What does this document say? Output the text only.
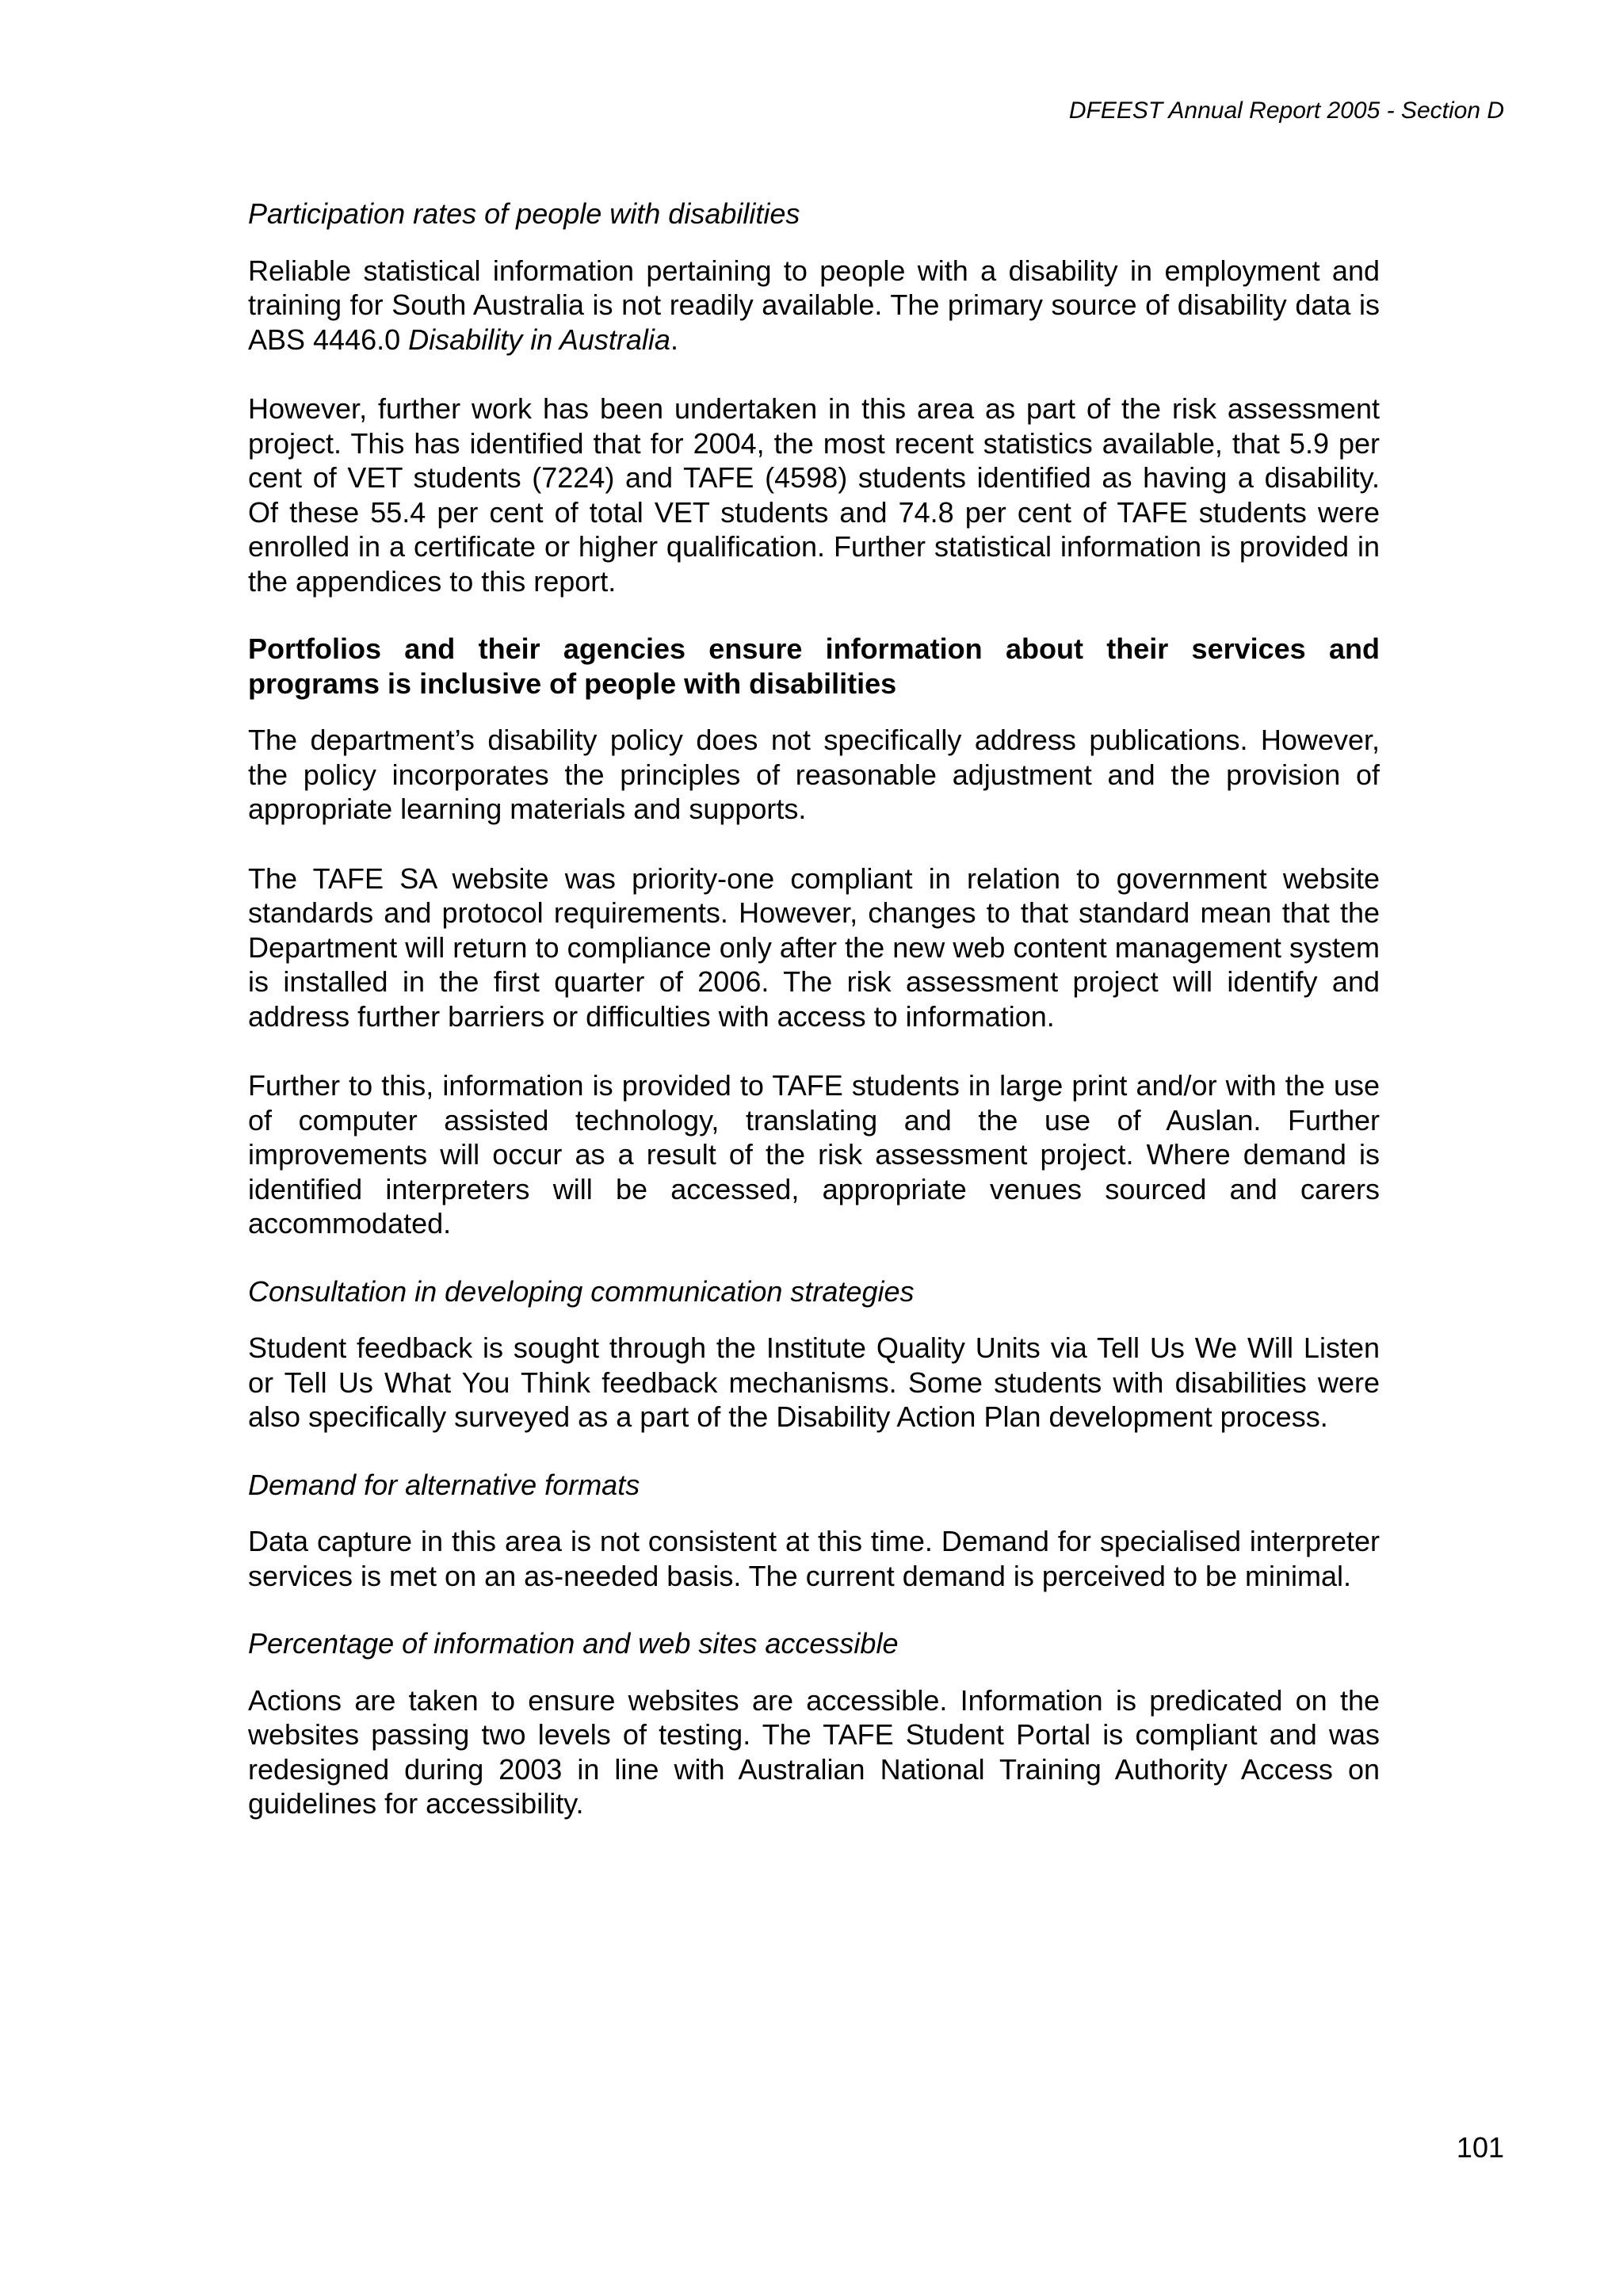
DFEEST Annual Report 2005 - Section D

Participation rates of people with disabilities

Reliable statistical information pertaining to people with a disability in employment and training for South Australia is not readily available. The primary source of disability data is ABS 4446.0 Disability in Australia.

However, further work has been undertaken in this area as part of the risk assessment project. This has identified that for 2004, the most recent statistics available, that 5.9 per cent of VET students (7224) and TAFE (4598) students identified as having a disability. Of these 55.4 per cent of total VET students and 74.8 per cent of TAFE students were enrolled in a certificate or higher qualification. Further statistical information is provided in the appendices to this report.

Portfolios and their agencies ensure information about their services and programs is inclusive of people with disabilities

The department’s disability policy does not specifically address publications. However, the policy incorporates the principles of reasonable adjustment and the provision of appropriate learning materials and supports.

The TAFE SA website was priority-one compliant in relation to government website standards and protocol requirements. However, changes to that standard mean that the Department will return to compliance only after the new web content management system is installed in the first quarter of 2006. The risk assessment project will identify and address further barriers or difficulties with access to information.

Further to this, information is provided to TAFE students in large print and/or with the use of computer assisted technology, translating and the use of Auslan. Further improvements will occur as a result of the risk assessment project. Where demand is identified interpreters will be accessed, appropriate venues sourced and carers accommodated.

Consultation in developing communication strategies

Student feedback is sought through the Institute Quality Units via Tell Us We Will Listen or Tell Us What You Think feedback mechanisms. Some students with disabilities were also specifically surveyed as a part of the Disability Action Plan development process.

Demand for alternative formats

Data capture in this area is not consistent at this time. Demand for specialised interpreter services is met on an as-needed basis. The current demand is perceived to be minimal.

Percentage of information and web sites accessible

Actions are taken to ensure websites are accessible. Information is predicated on the websites passing two levels of testing. The TAFE Student Portal is compliant and was redesigned during 2003 in line with Australian National Training Authority Access on guidelines for accessibility.

101
